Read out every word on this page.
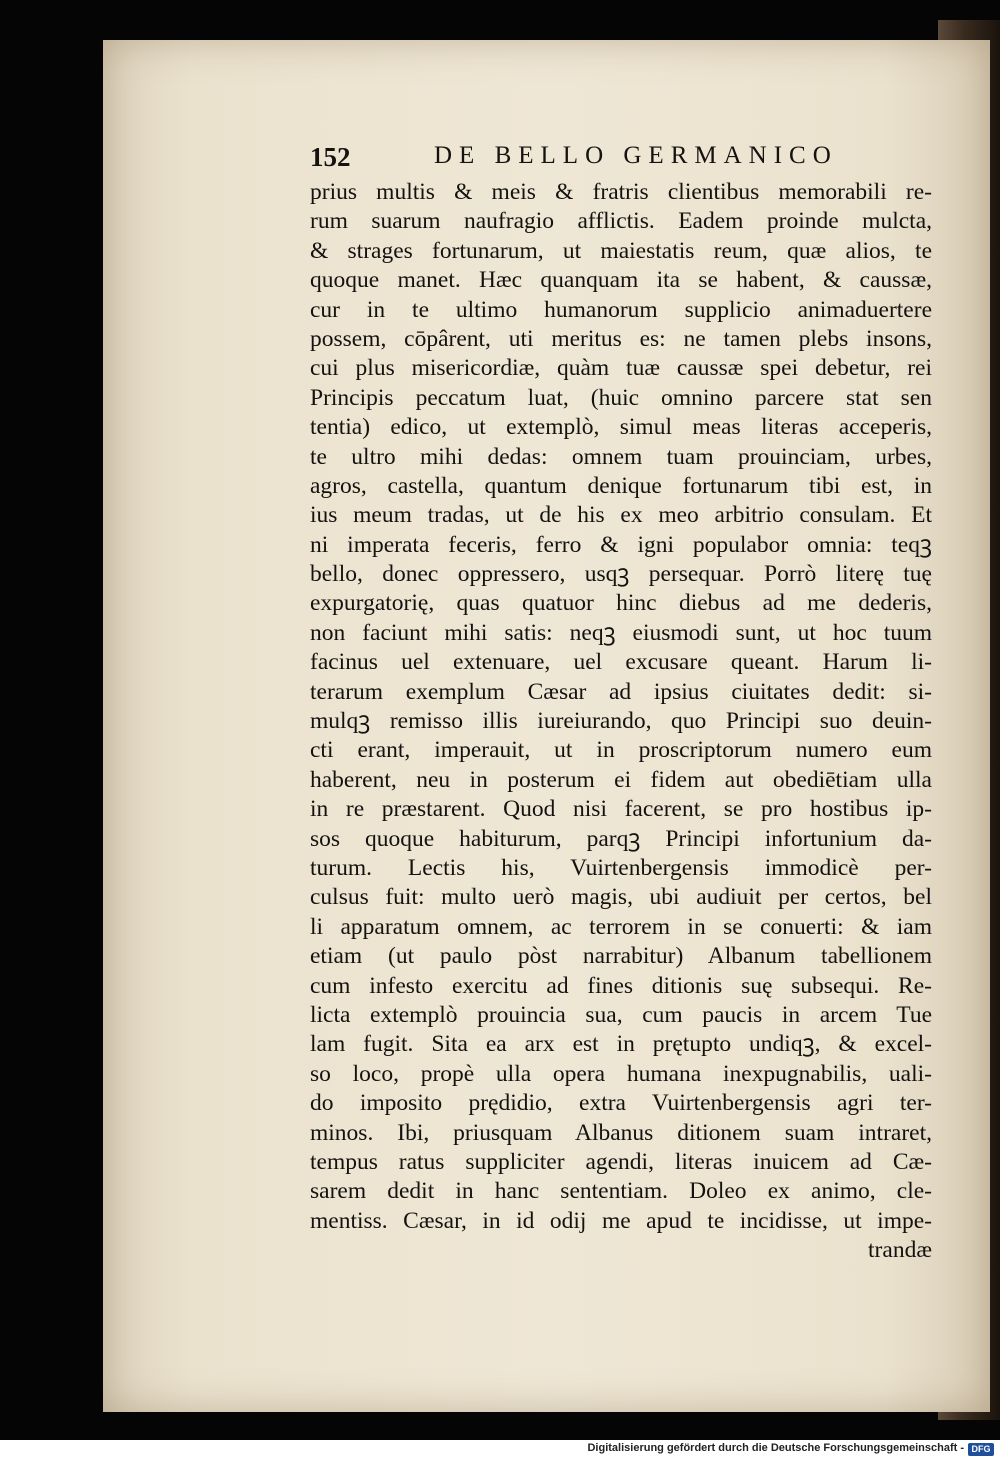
152	DE BELLO GERMANICO
prius multis & meis & fratris clientibus memorabili re-
rum suarum naufragio afflictis. Eadem proinde mulcta,
& strages fortunarum, ut maiestatis reum, quæ alios, te
quoque manet. Hæc quanquam ita se habent, & caussæ,
cur in te ultimo humanorum supplicio animaduertere
possem, cōpârent, uti meritus es: ne tamen plebs insons,
cui plus misericordiæ, quàm tuæ caussæ spei debetur, rei
Principis peccatum luat, (huic omnino parcere stat sen
tentia) edico, ut extemplò, simul meas literas acceperis,
te ultro mihi dedas: omnem tuam prouinciam, urbes,
agros, castella, quantum denique fortunarum tibi est, in
ius meum tradas, ut de his ex meo arbitrio consulam. Et
ni imperata feceris, ferro & igni populabor omnia: teqꝫ
bello, donec oppressero, usqꝫ persequar. Porrò literę tuę
expurgatorię, quas quatuor hinc diebus ad me dederis,
non faciunt mihi satis: neqꝫ eiusmodi sunt, ut hoc tuum
facinus uel extenuare, uel excusare queant. Harum li-
terarum exemplum Cæsar ad ipsius ciuitates dedit: si-
mulqꝫ remisso illis iureiurando, quo Principi suo deuin-
cti erant, imperauit, ut in proscriptorum numero eum
haberent, neu in posterum ei fidem aut obediētiam ulla
in re præstarent. Quod nisi facerent, se pro hostibus ip-
sos quoque habiturum, parqꝫ Principi infortunium da-
turum. Lectis his, Vuirtenbergensis immodicè per-
culsus fuit: multo uerò magis, ubi audiuit per certos, bel
li apparatum omnem, ac terrorem in se conuerti: & iam
etiam (ut paulo pòst narrabitur) Albanum tabellionem
cum infesto exercitu ad fines ditionis suę subsequi. Re-
licta extemplò prouincia sua, cum paucis in arcem Tue
lam fugit. Sita ea arx est in prętupto undiqꝫ, & excel-
so loco, propè ulla opera humana inexpugnabilis, uali-
do imposito prędidio, extra Vuirtenbergensis agri ter-
minos. Ibi, priusquam Albanus ditionem suam intraret,
tempus ratus suppliciter agendi, literas inuicem ad Cæ-
sarem dedit in hanc sententiam. Doleo ex animo, cle-
mentiss. Cæsar, in id odij me apud te incidisse, ut impe-
trandæ
Digitalisierung gefördert durch die Deutsche Forschungsgemeinschaft - DFG
